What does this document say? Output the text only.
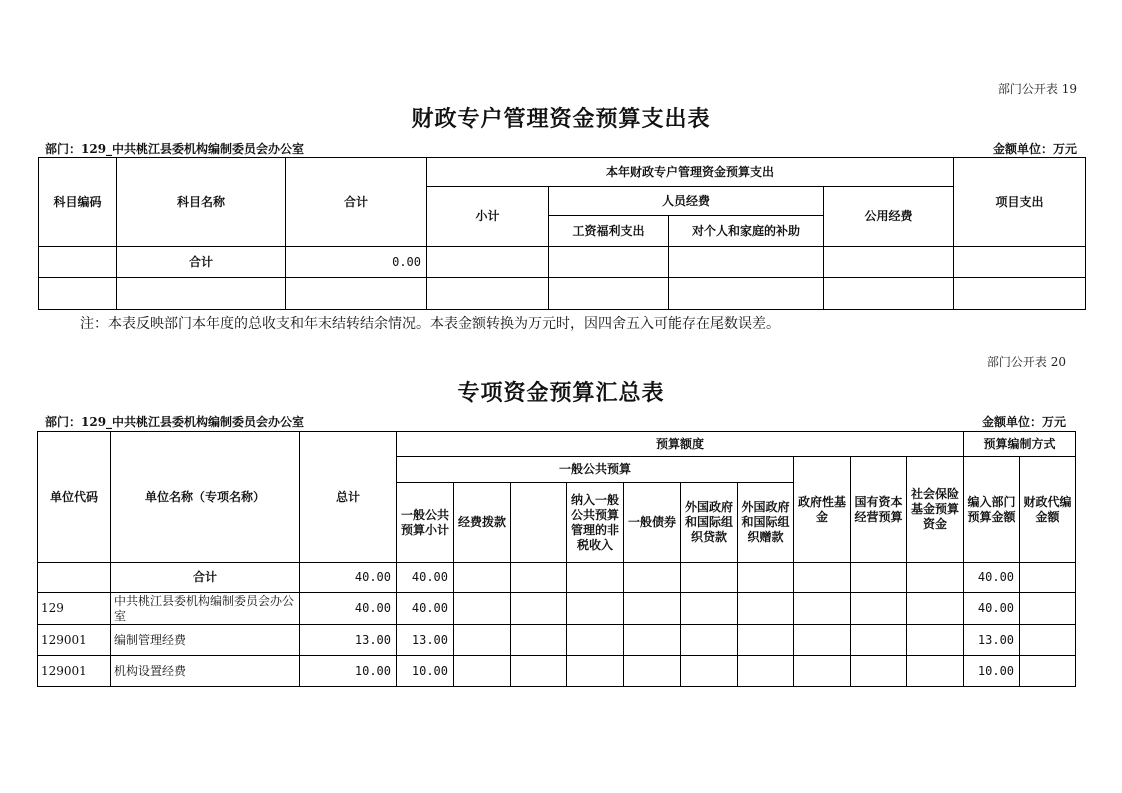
部门公开表 19
财政专户管理资金预算支出表
部门：129_中共桃江县委机构编制委员会办公室	金额单位：万元
科目编码	科目名称	合计	本年财政专户管理资金预算支出				项目支出
			小计	人员经费		公用经费	
				工资福利支出	对个人和家庭的补助		
	合计	0.00					

注：本表反映部门本年度的总收支和年末结转结余情况。本表金额转换为万元时，因四舍五入可能存在尾数误差。
部门公开表 20
专项资金预算汇总表
部门：129_中共桃江县委机构编制委员会办公室	金额单位：万元
单位代码	单位名称（专项名称）	总计	预算额度										预算编制方式	
			一般公共预算							政府性基金	国有资本经营预算	社会保险基金预算资金	编入部门预算金额	财政代编金额
			一般公共预算小计	经费拨款		纳入一般公共预算管理的非税收入	一般债券	外国政府和国际组织贷款	外国政府和国际组织赠款					
	合计	40.00	40.00										40.00	
129	中共桃江县委机构编制委员会办公室	40.00	40.00										40.00	
129001	编制管理经费	13.00	13.00										13.00	
129001	机构设置经费	10.00	10.00										10.00	
